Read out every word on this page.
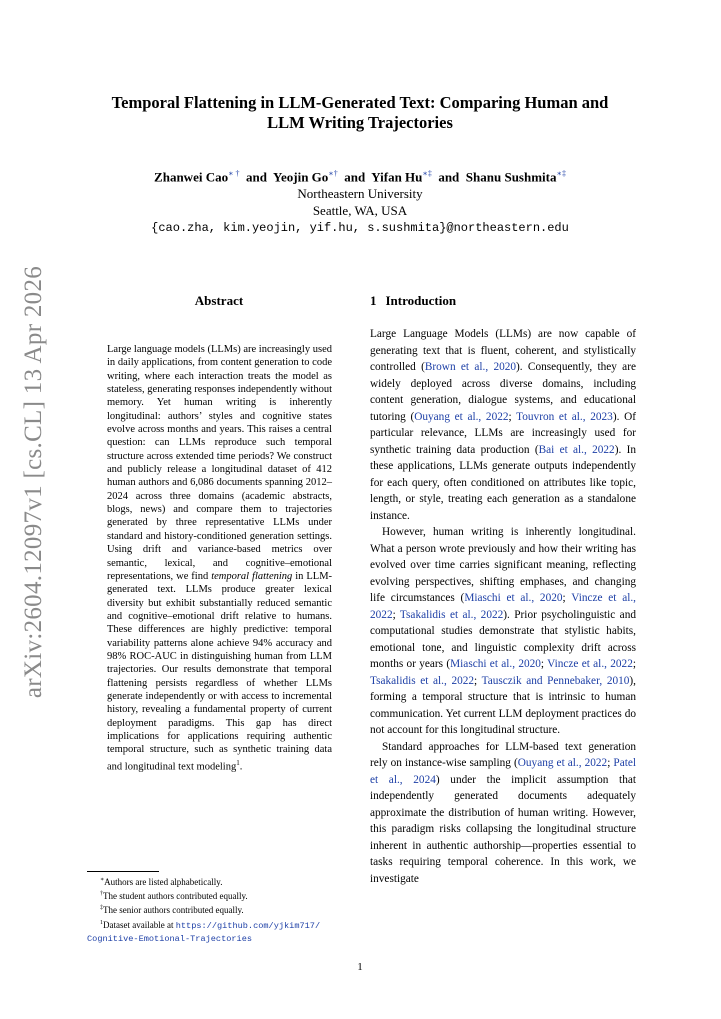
arXiv:2604.12097v1 [cs.CL] 13 Apr 2026
Temporal Flattening in LLM-Generated Text: Comparing Human and
LLM Writing Trajectories
Zhanwei Cao∗ † and Yeojin Go∗† and Yifan Hu∗‡ and Shanu Sushmita∗‡
Northeastern University
Seattle, WA, USA
{cao.zha, kim.yeojin, yif.hu, s.sushmita}@northeastern.edu
Abstract
Large language models (LLMs) are increasingly used in daily applications, from content generation to code writing, where each interaction treats the model as stateless, generating responses independently without memory. Yet human writing is inherently longitudinal: authors’ styles and cognitive states evolve across months and years. This raises a central question: can LLMs reproduce such temporal structure across extended time periods? We construct and publicly release a longitudinal dataset of 412 human authors and 6,086 documents spanning 2012–2024 across three domains (academic abstracts, blogs, news) and compare them to trajectories generated by three representative LLMs under standard and history-conditioned generation settings. Using drift and variance-based metrics over semantic, lexical, and cognitive–emotional representations, we find temporal flattening in LLM-generated text. LLMs produce greater lexical diversity but exhibit substantially reduced semantic and cognitive–emotional drift relative to humans. These differences are highly predictive: temporal variability patterns alone achieve 94% accuracy and 98% ROC-AUC in distinguishing human from LLM trajectories. Our results demonstrate that temporal flattening persists regardless of whether LLMs generate independently or with access to incremental history, revealing a fundamental property of current deployment paradigms. This gap has direct implications for applications requiring authentic temporal structure, such as synthetic training data and longitudinal text modeling$^1$.
1 Introduction

Large Language Models (LLMs) are now capable of generating text that is fluent, coherent, and stylistically controlled (Brown et al., 2020). Consequently, they are widely deployed across diverse domains, including content generation, dialogue systems, and educational tutoring (Ouyang et al., 2022; Touvron et al., 2023). Of particular relevance, LLMs are increasingly used for synthetic training data production (Bai et al., 2022). In these applications, LLMs generate outputs independently for each query, often conditioned on attributes like topic, length, or style, treating each generation as a standalone instance.

However, human writing is inherently longitudinal. What a person wrote previously and how their writing has evolved over time carries significant meaning, reflecting evolving perspectives, shifting emphases, and changing life circumstances (Miaschi et al., 2020; Vincze et al., 2022; Tsakalidis et al., 2022). Prior psycholinguistic and computational studies demonstrate that stylistic habits, emotional tone, and linguistic complexity drift across months or years (Miaschi et al., 2020; Vincze et al., 2022; Tsakalidis et al., 2022; Tausczik and Pennebaker, 2010), forming a temporal structure that is intrinsic to human communication. Yet current LLM deployment practices do not account for this longitudinal structure.

Standard approaches for LLM-based text generation rely on instance-wise sampling (Ouyang et al., 2022; Patel et al., 2024) under the implicit assumption that independently generated documents adequately approximate the distribution of human writing. However, this paradigm risks collapsing the longitudinal structure inherent in authentic authorship—properties essential to tasks requiring temporal coherence. In this work, we investigate

∗Authors are listed alphabetically.
†The student authors contributed equally.
‡The senior authors contributed equally.
$^1$Dataset available at https://github.com/yjkim717/
Cognitive-Emotional-Trajectories
1
